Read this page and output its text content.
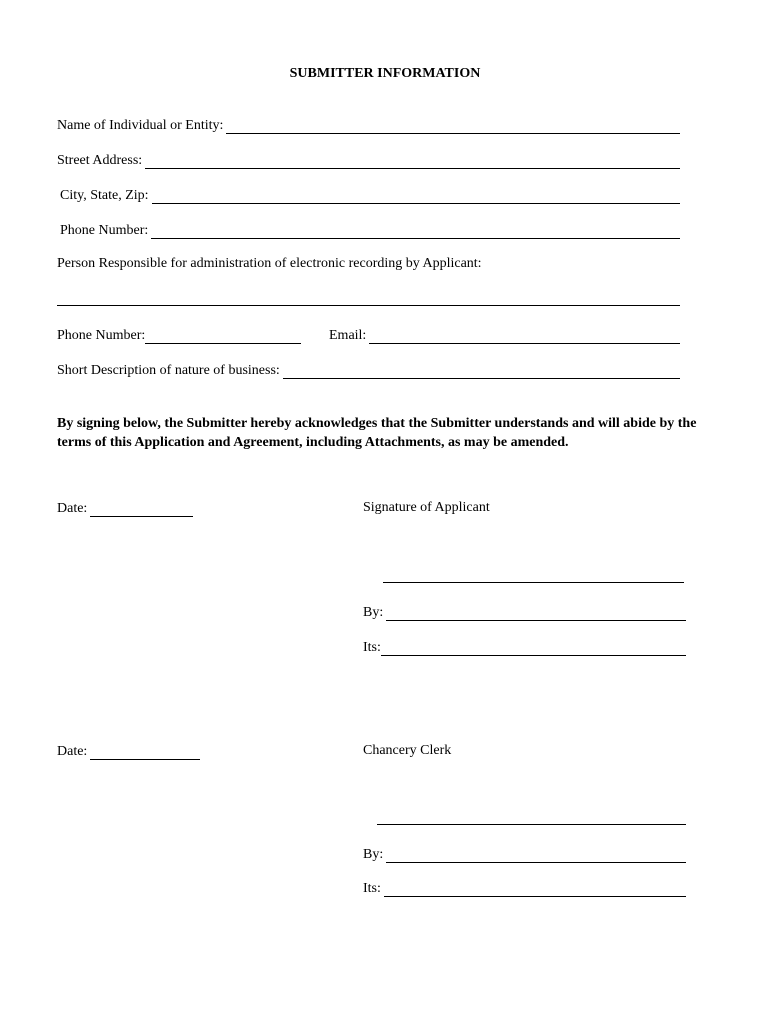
SUBMITTER INFORMATION
Name of Individual or Entity:
Street Address:
City, State, Zip:
Phone Number:
Person Responsible for administration of electronic recording by Applicant:
Phone Number:	Email:
Short Description of nature of business:
By signing below, the Submitter hereby acknowledges that the Submitter understands and will abide by the terms of this Application and Agreement, including Attachments, as may be amended.
Date:	Signature of Applicant
By:
Its:
Date:	Chancery Clerk
By:
Its:
